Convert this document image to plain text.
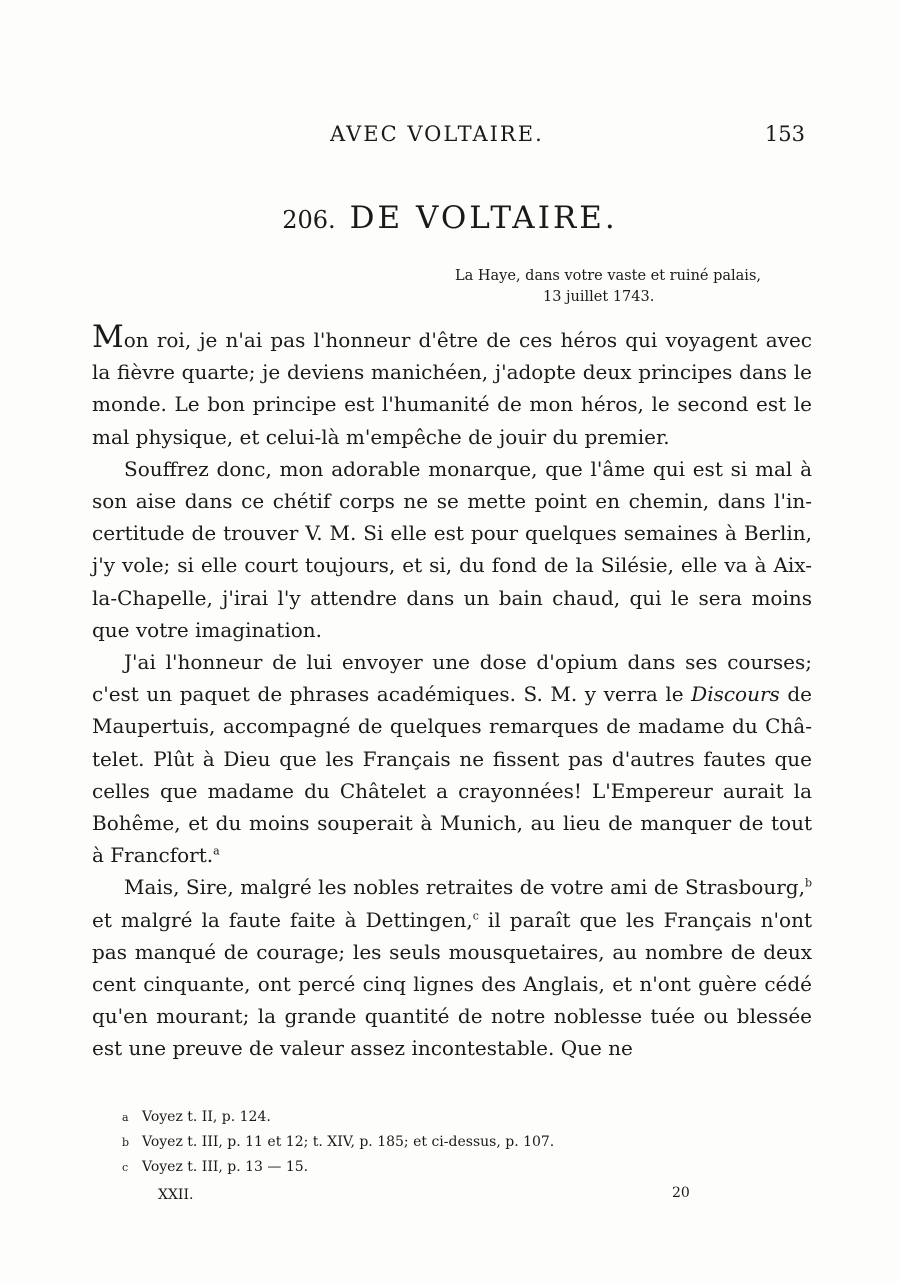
AVEC VOLTAIRE.	153
206. DE VOLTAIRE.
La Haye, dans votre vaste et ruiné palais,
13 juillet 1743.

Mon roi, je n'ai pas l'honneur d'être de ces héros qui voyagent avec la fièvre quarte; je deviens manichéen, j'adopte deux principes dans le monde. Le bon principe est l'humanité de mon héros, le second est le mal physique, et celui-là m'empêche de jouir du premier.

Souffrez donc, mon adorable monarque, que l'âme qui est si mal à son aise dans ce chétif corps ne se mette point en chemin, dans l'incertitude de trouver V. M. Si elle est pour quelques semaines à Berlin, j'y vole; si elle court toujours, et si, du fond de la Silésie, elle va à Aix-la-Chapelle, j'irai l'y attendre dans un bain chaud, qui le sera moins que votre imagination.

J'ai l'honneur de lui envoyer une dose d'opium dans ses courses; c'est un paquet de phrases académiques. S. M. y verra le Discours de Maupertuis, accompagné de quelques remarques de madame du Châtelet. Plût à Dieu que les Français ne fissent pas d'autres fautes que celles que madame du Châtelet a crayonnées! L'Empereur aurait la Bohême, et du moins souperait à Munich, au lieu de manquer de tout à Francfort.$^a$

Mais, Sire, malgré les nobles retraites de votre ami de Strasbourg,$^b$ et malgré la faute faite à Dettingen,$^c$ il paraît que les Français n'ont pas manqué de courage; les seuls mousquetaires, au nombre de deux cent cinquante, ont percé cinq lignes des Anglais, et n'ont guère cédé qu'en mourant; la grande quantité de notre noblesse tuée ou blessée est une preuve de valeur assez incontestable. Que ne

a Voyez t. II, p. 124.
b Voyez t. III, p. 11 et 12; t. XIV, p. 185; et ci-dessus, p. 107.
c Voyez t. III, p. 13 — 15.
XXII.	20
